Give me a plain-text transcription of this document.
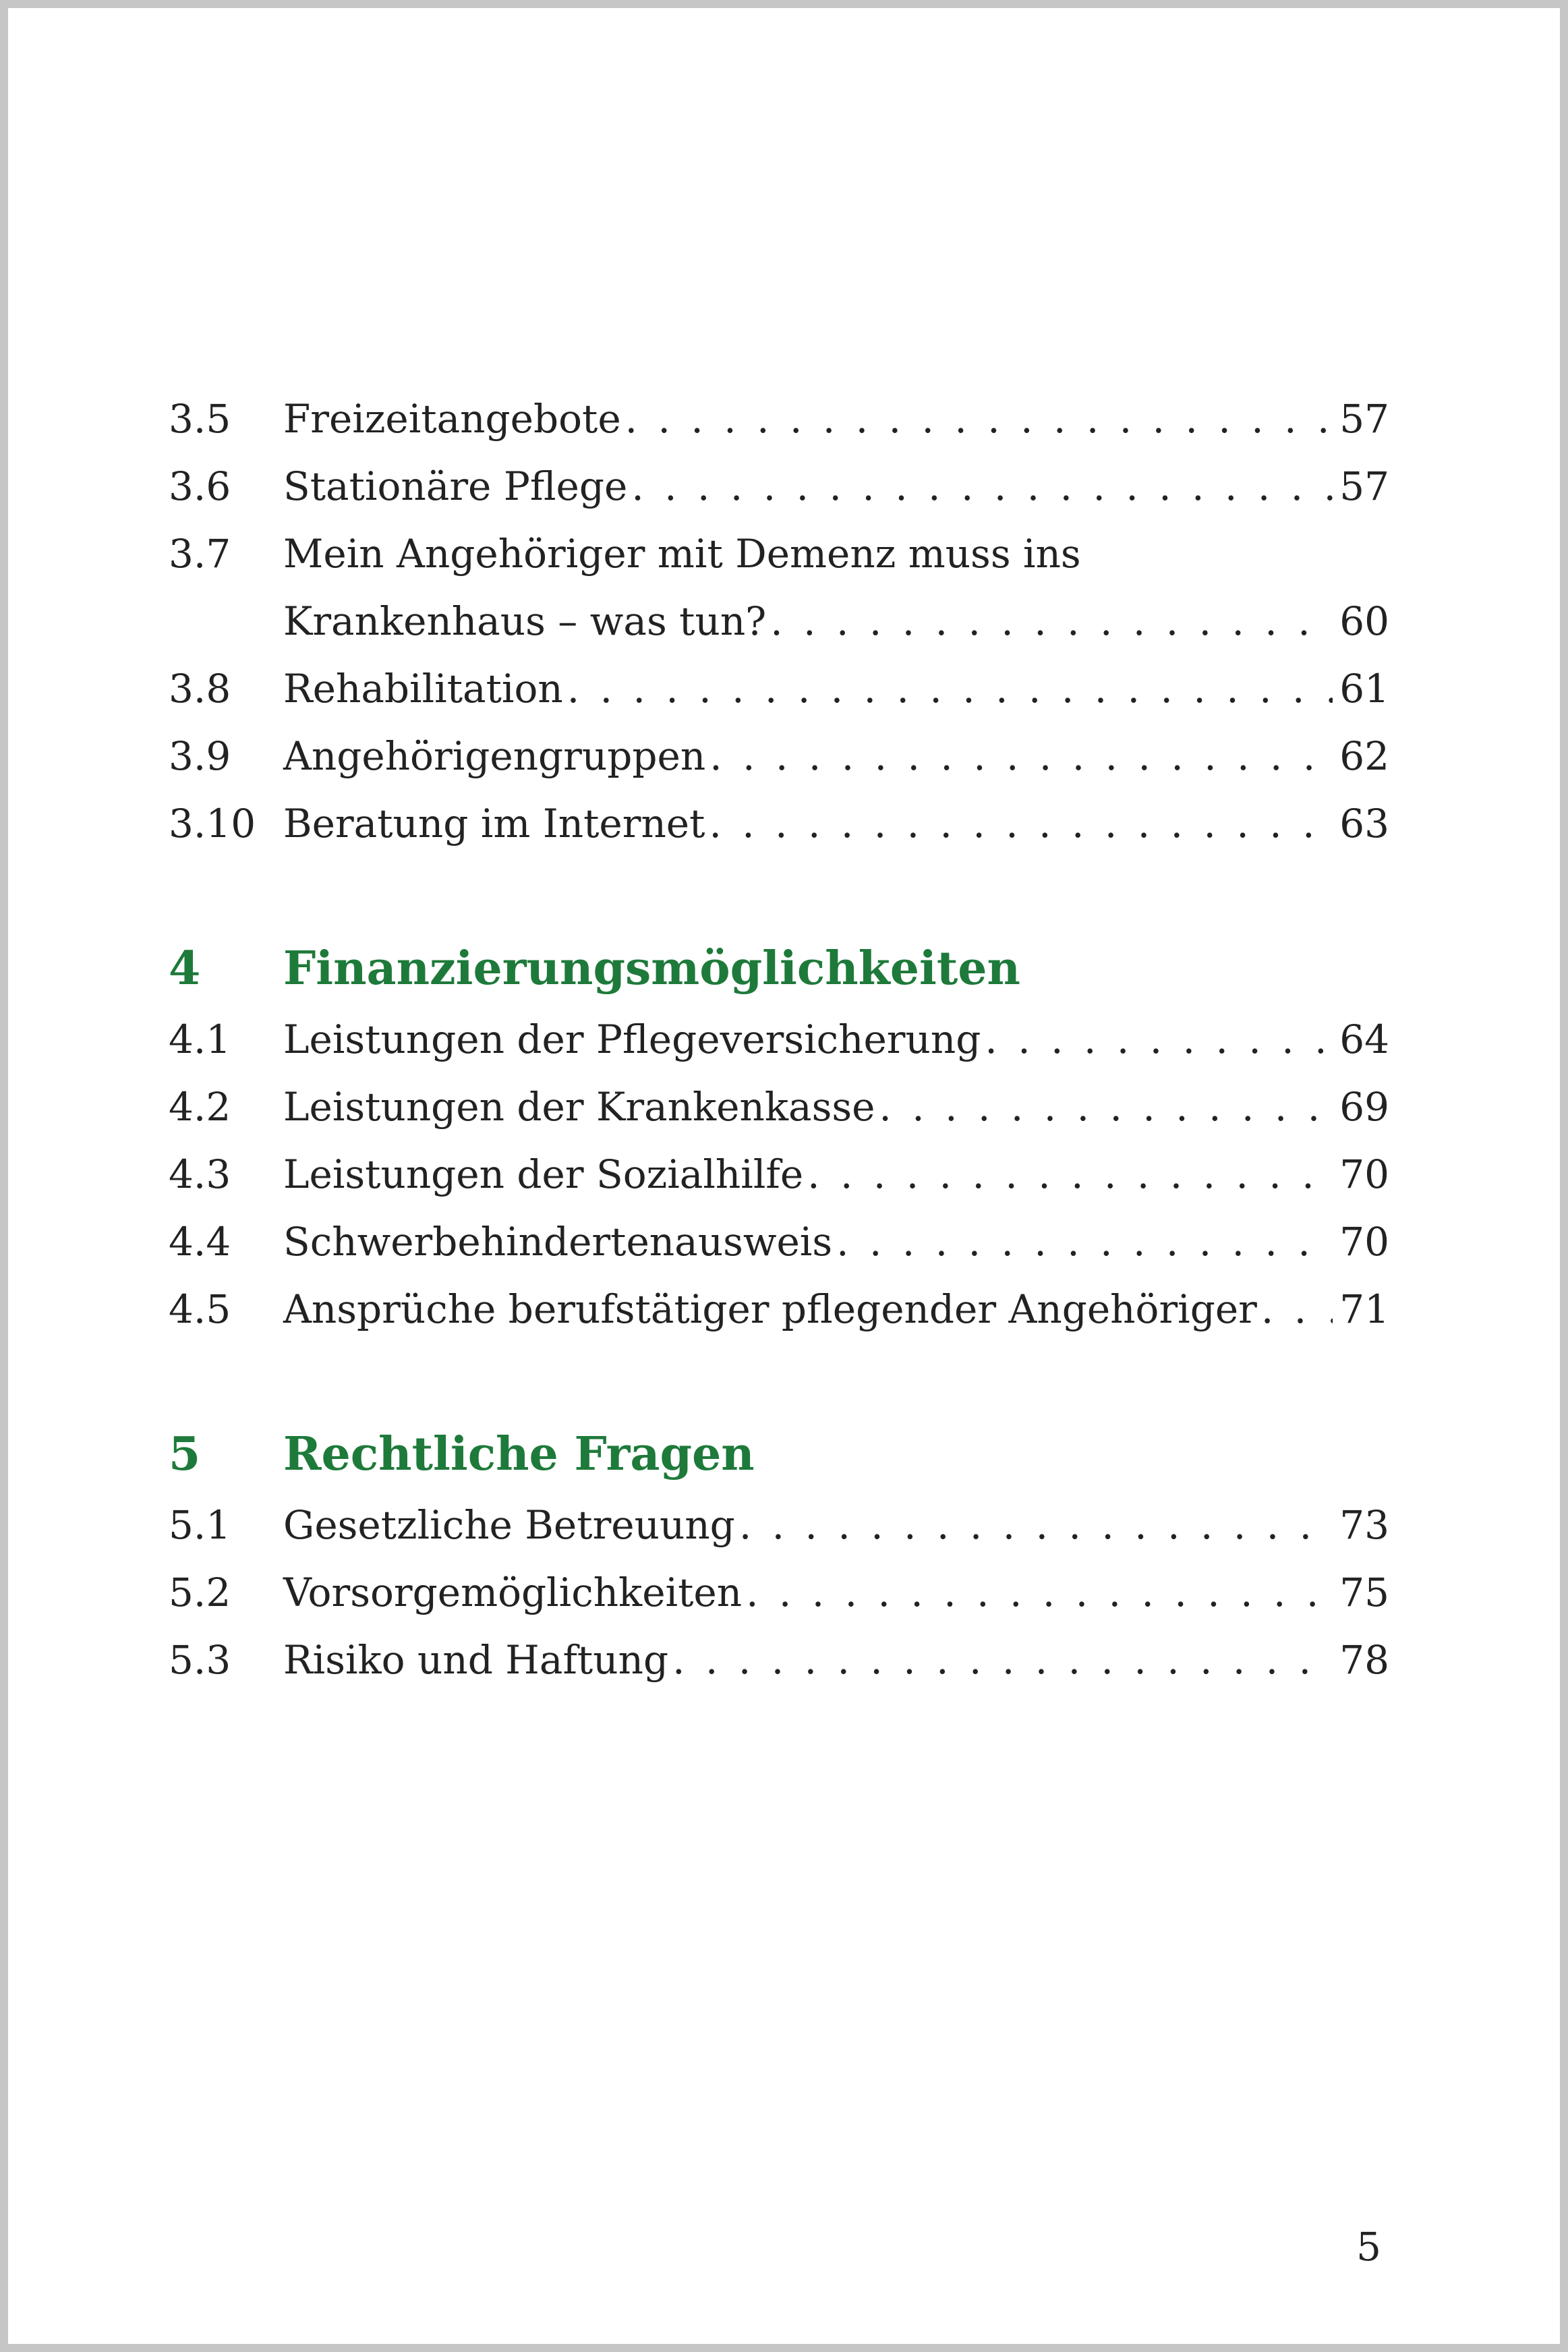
3.5 Freizeitangebote . . .	57
3.6 Stationäre Pflege . . .	57
3.7 Mein Angehöriger mit Demenz muss ins
Krankenhaus – was tun? . . .	60
3.8 Rehabilitation . . .	61
3.9 Angehörigengruppen . . .	62
3.10 Beratung im Internet . . .	63
4 Finanzierungsmöglichkeiten
4.1 Leistungen der Pflegeversicherung . . .	64
4.2 Leistungen der Krankenkasse . . .	69
4.3 Leistungen der Sozialhilfe . . .	70
4.4 Schwerbehindertenausweis . . .	70
4.5 Ansprüche berufstätiger pflegender Angehöriger . . . 71
5 Rechtliche Fragen
5.1 Gesetzliche Betreuung . . .	73
5.2 Vorsorgemöglichkeiten . . .	75
5.3 Risiko und Haftung . . .	78
5
